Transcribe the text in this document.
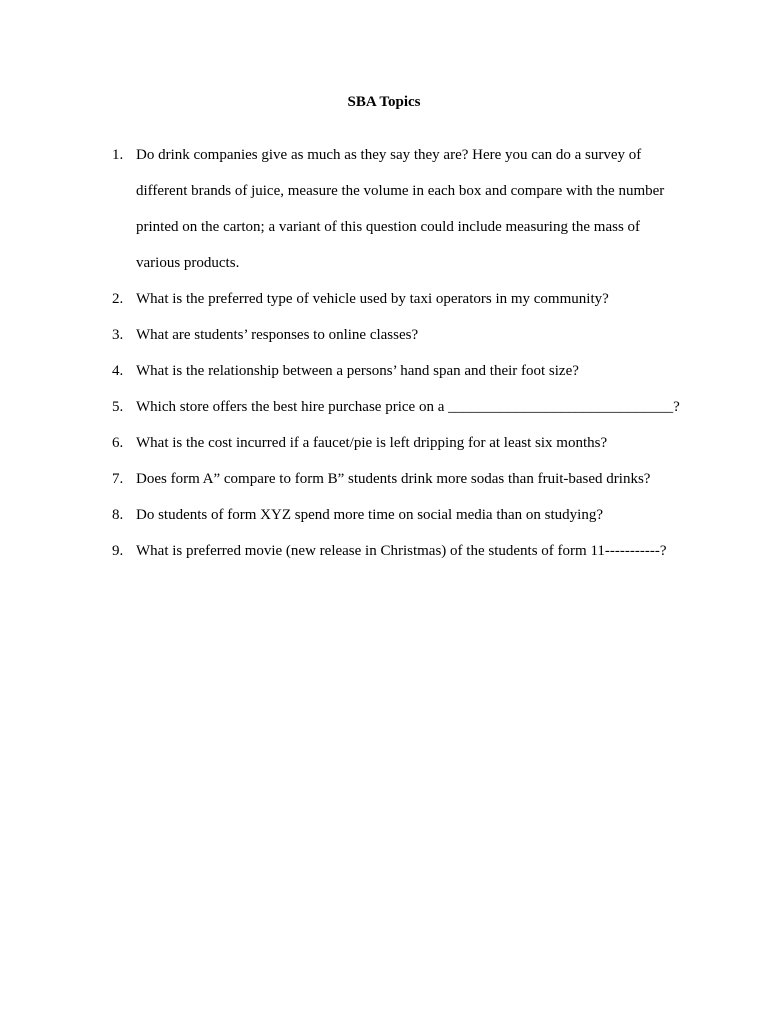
SBA Topics
1. Do drink companies give as much as they say they are? Here you can do a survey of different brands of juice, measure the volume in each box and compare with the number printed on the carton; a variant of this question could include measuring the mass of various products.
2. What is the preferred type of vehicle used by taxi operators in my community?
3. What are students’ responses to online classes?
4. What is the relationship between a persons’ hand span and their foot size?
5. Which store offers the best hire purchase price on a ______________________________?
6. What is the cost incurred if a faucet/pie is left dripping for at least six months?
7. Does form A” compare to form B” students drink more sodas than fruit-based drinks?
8. Do students of form XYZ spend more time on social media than on studying?
9. What is preferred movie (new release in Christmas) of the students of form 11-----------?
